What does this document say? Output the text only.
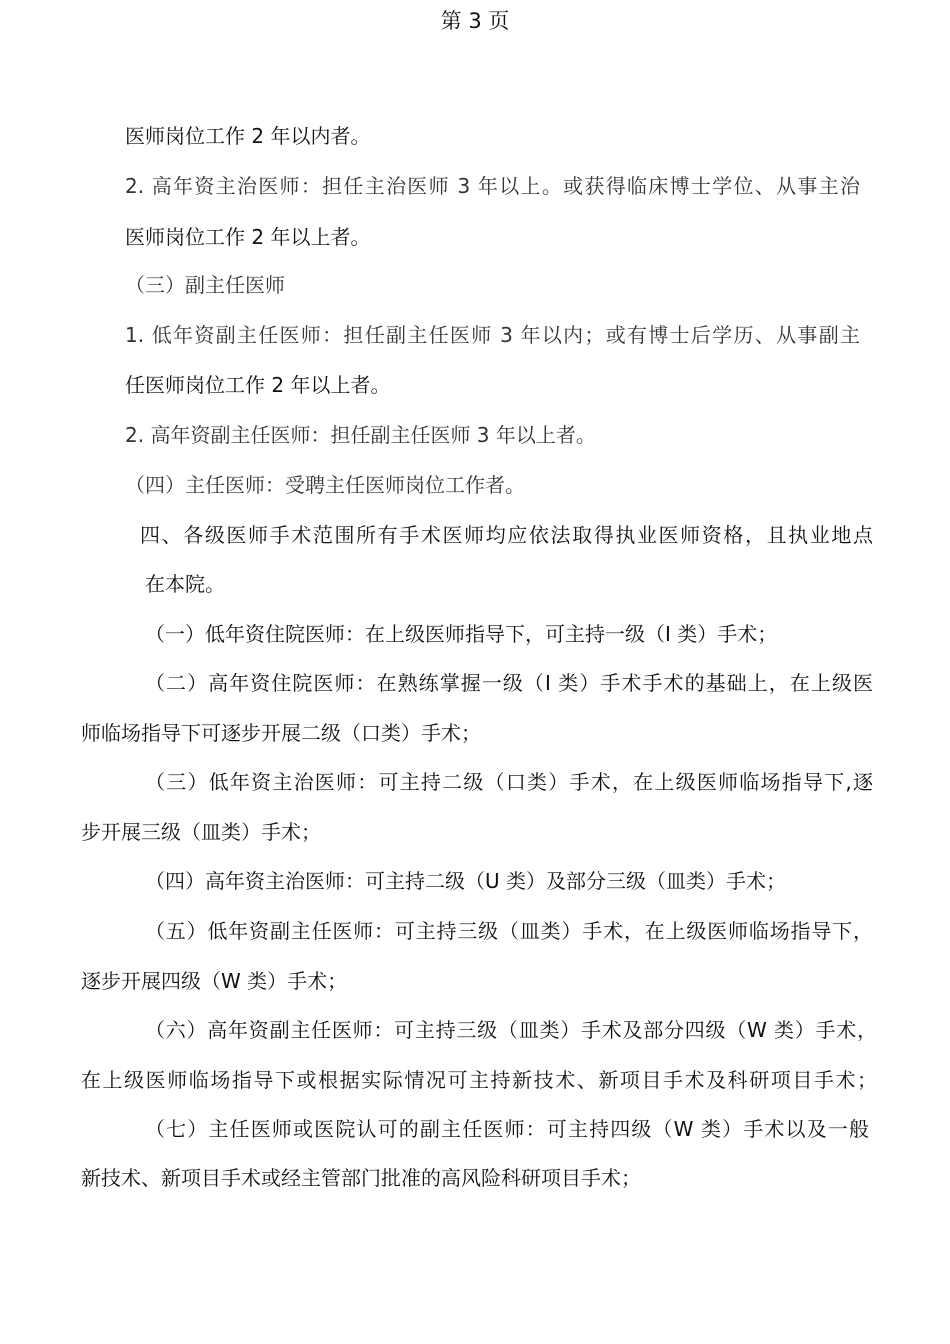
第 3 页
医师岗位工作 2 年以内者。
2. 高年资主治医师：担任主治医师 3 年以上。或获得临床博士学位、从事主治
医师岗位工作 2 年以上者。
（三）副主任医师
1. 低年资副主任医师：担任副主任医师 3 年以内；或有博士后学历、从事副主
任医师岗位工作 2 年以上者。
2. 高年资副主任医师：担任副主任医师 3 年以上者。
（四）主任医师：受聘主任医师岗位工作者。
四、各级医师手术范围所有手术医师均应依法取得执业医师资格，且执业地点
在本院。
（一）低年资住院医师：在上级医师指导下，可主持一级（I 类）手术；
（二）高年资住院医师：在熟练掌握一级（I 类）手术手术的基础上，在上级医
师临场指导下可逐步开展二级（口类）手术；
（三）低年资主治医师：可主持二级（口类）手术，在上级医师临场指导下,逐
步开展三级（皿类）手术；
（四）高年资主治医师：可主持二级（U 类）及部分三级（皿类）手术；
（五）低年资副主任医师：可主持三级（皿类）手术，在上级医师临场指导下，
逐步开展四级（W 类）手术；
（六）高年资副主任医师：可主持三级（皿类）手术及部分四级（W 类）手术，
在上级医师临场指导下或根据实际情况可主持新技术、新项目手术及科研项目手术；
（七）主任医师或医院认可的副主任医师：可主持四级（W 类）手术以及一般
新技术、新项目手术或经主管部门批准的高风险科研项目手术；
